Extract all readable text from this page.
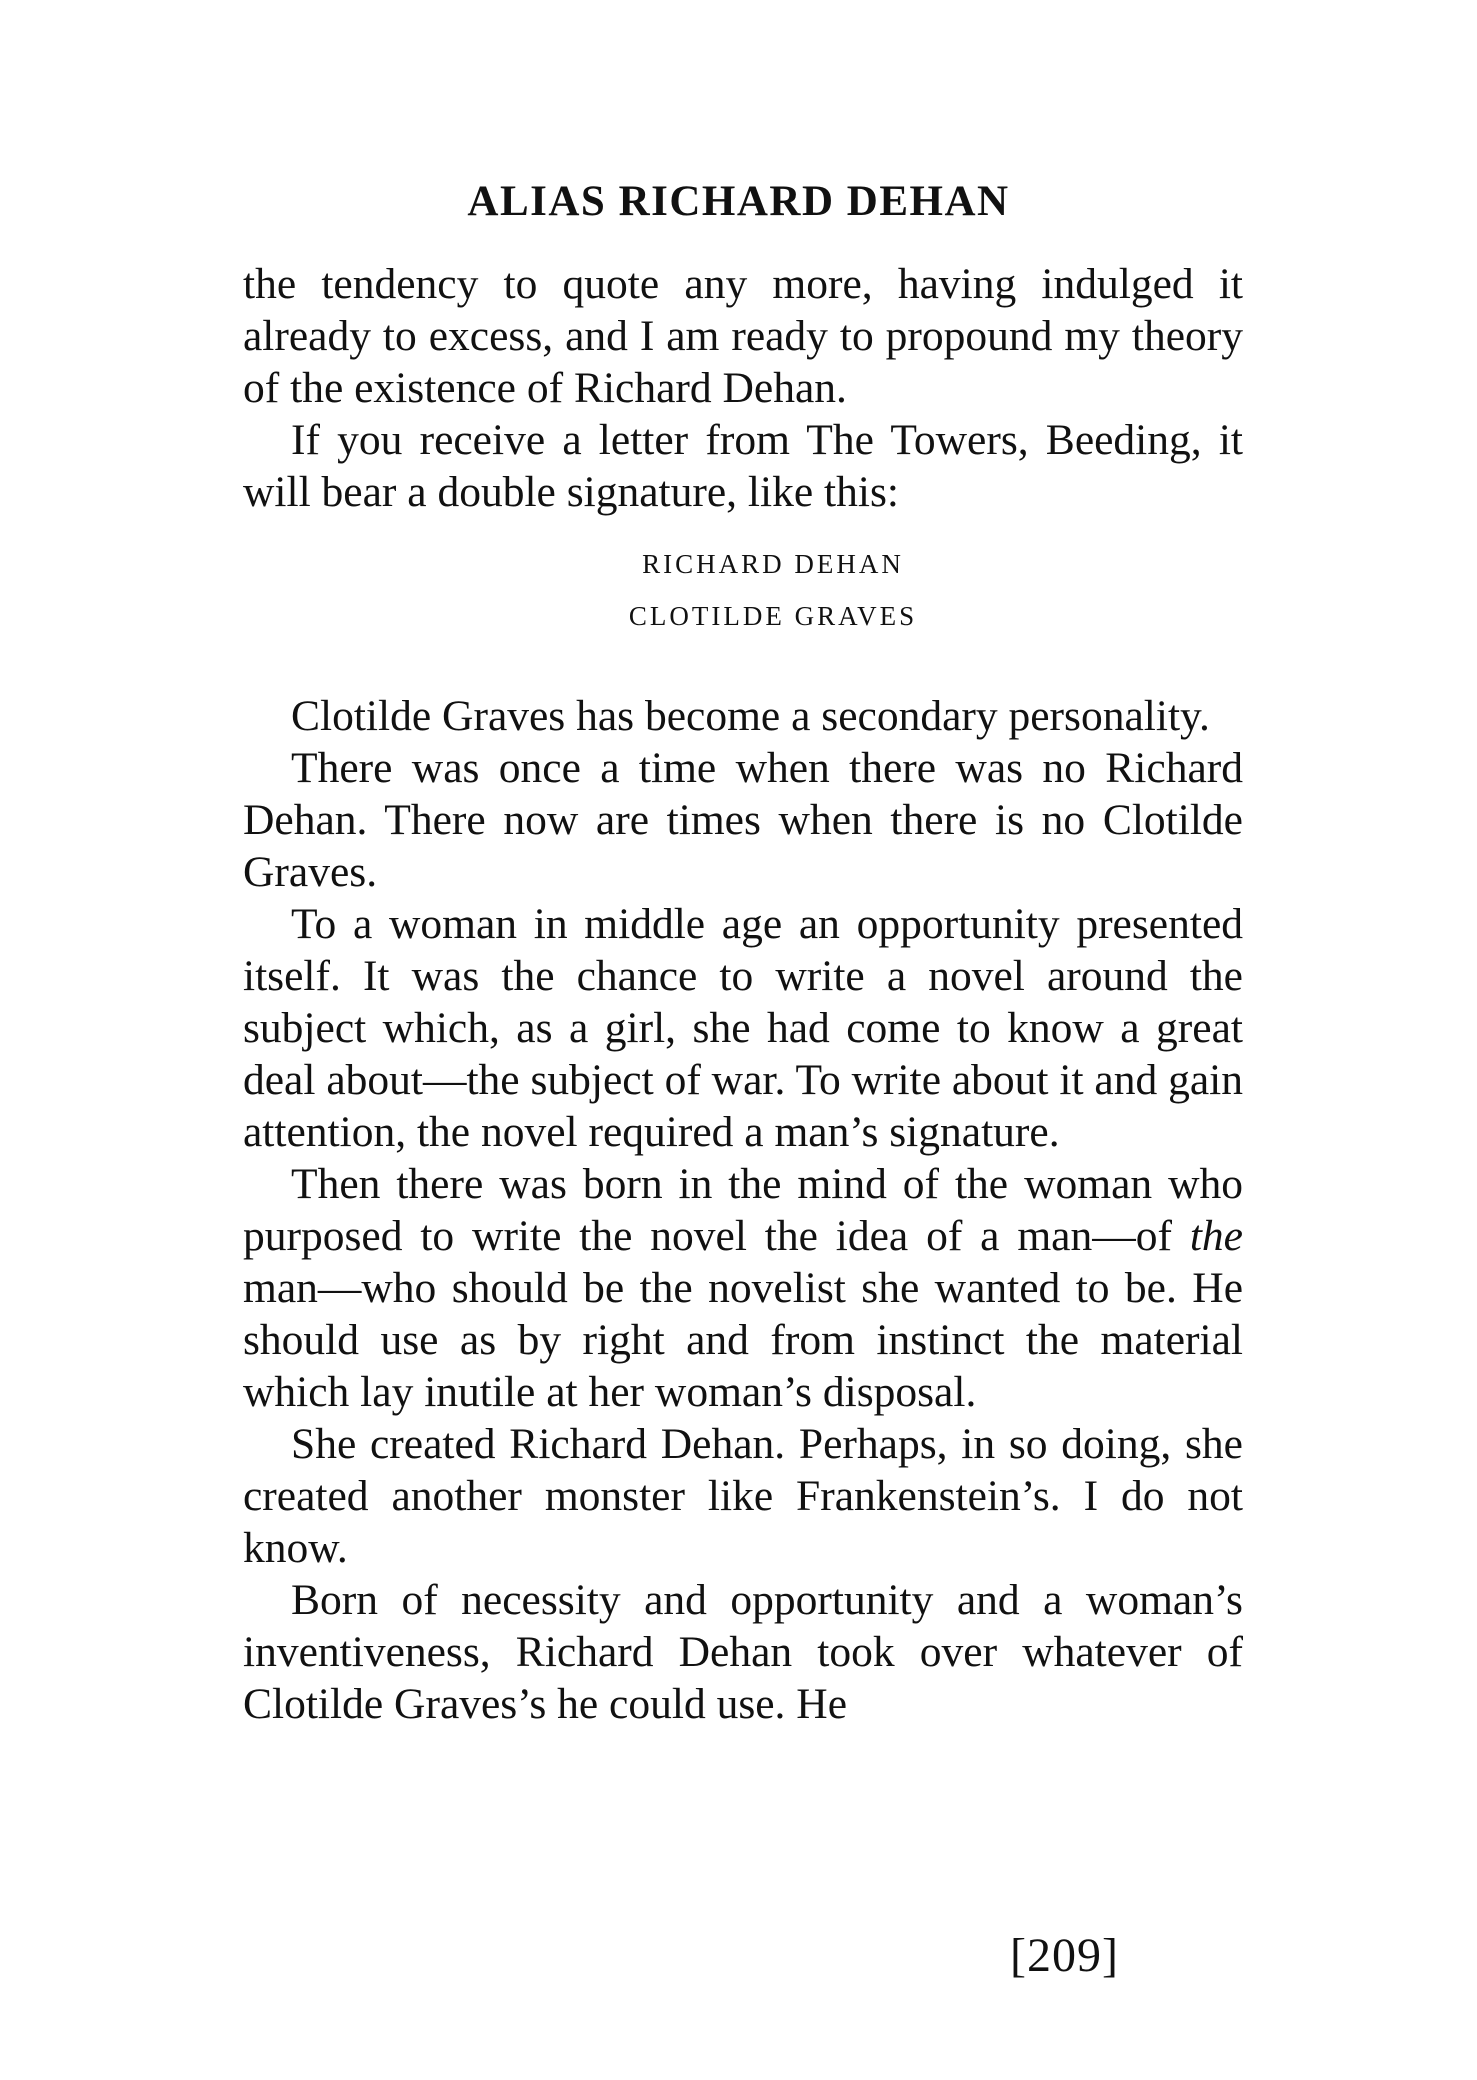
ALIAS RICHARD DEHAN

the tendency to quote any more, having indulged it already to excess, and I am ready to propound my theory of the existence of Richard Dehan.

If you receive a letter from The Towers, Beeding, it will bear a double signature, like this:

RICHARD DEHAN
CLOTILDE GRAVES

Clotilde Graves has become a secondary personality.

There was once a time when there was no Richard Dehan. There now are times when there is no Clotilde Graves.

To a woman in middle age an opportunity presented itself. It was the chance to write a novel around the subject which, as a girl, she had come to know a great deal about—the subject of war. To write about it and gain attention, the novel required a man’s signature.

Then there was born in the mind of the woman who purposed to write the novel the idea of a man—of the man—who should be the novelist she wanted to be. He should use as by right and from instinct the material which lay inutile at her woman’s disposal.

She created Richard Dehan. Perhaps, in so doing, she created another monster like Frankenstein’s. I do not know.

Born of necessity and opportunity and a woman’s inventiveness, Richard Dehan took over whatever of Clotilde Graves’s he could use. He

[209]
